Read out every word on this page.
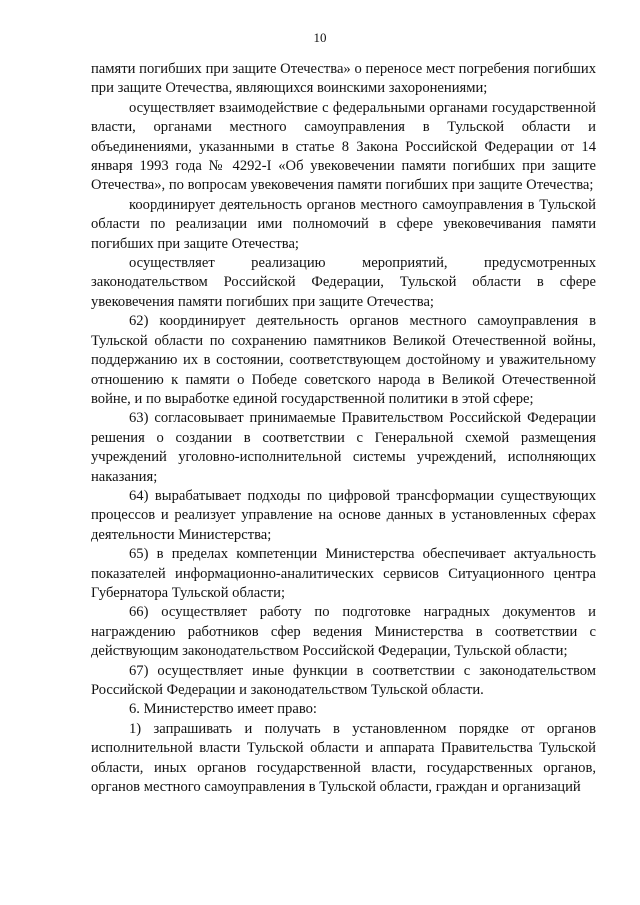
10

памяти погибших при защите Отечества» о переносе мест погребения погибших при защите Отечества, являющихся воинскими захоронениями;

осуществляет взаимодействие с федеральными органами государственной власти, органами местного самоуправления в Тульской области и объединениями, указанными в статье 8 Закона Российской Федерации от 14 января 1993 года № 4292-I «Об увековечении памяти погибших при защите Отечества», по вопросам увековечения памяти погибших при защите Отечества;

координирует деятельность органов местного самоуправления в Тульской области по реализации ими полномочий в сфере увековечивания памяти погибших при защите Отечества;

осуществляет реализацию мероприятий, предусмотренных законодательством Российской Федерации, Тульской области в сфере увековечения памяти погибших при защите Отечества;

62) координирует деятельность органов местного самоуправления в Тульской области по сохранению памятников Великой Отечественной войны, поддержанию их в состоянии, соответствующем достойному и уважительному отношению к памяти о Победе советского народа в Великой Отечественной войне, и по выработке единой государственной политики в этой сфере;

63) согласовывает принимаемые Правительством Российской Федерации решения о создании в соответствии с Генеральной схемой размещения учреждений уголовно-исполнительной системы учреждений, исполняющих наказания;

64) вырабатывает подходы по цифровой трансформации существующих процессов и реализует управление на основе данных в установленных сферах деятельности Министерства;

65) в пределах компетенции Министерства обеспечивает актуальность показателей информационно-аналитических сервисов Ситуационного центра Губернатора Тульской области;

66) осуществляет работу по подготовке наградных документов и награждению работников сфер ведения Министерства в соответствии с действующим законодательством Российской Федерации, Тульской области;

67) осуществляет иные функции в соответствии с законодательством Российской Федерации и законодательством Тульской области.

6. Министерство имеет право:

1) запрашивать и получать в установленном порядке от органов исполнительной власти Тульской области и аппарата Правительства Тульской области, иных органов государственной власти, государственных органов, органов местного самоуправления в Тульской области, граждан и организаций
